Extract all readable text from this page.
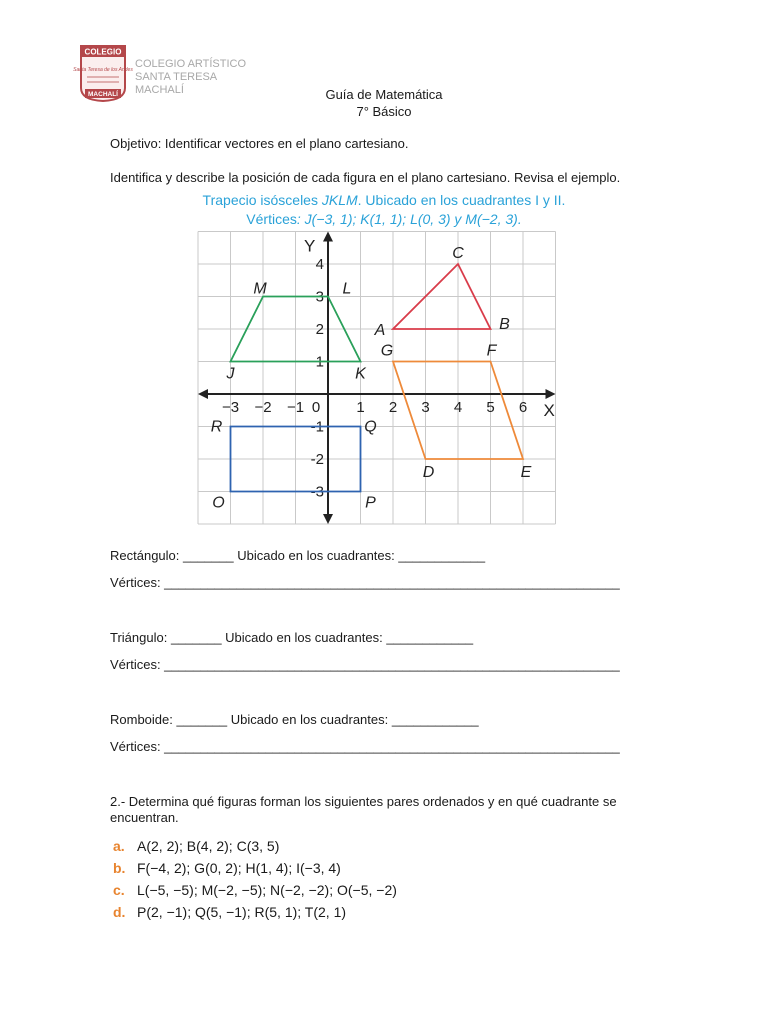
COLEGIO
Santa Teresa de los Andes
MACHALÍ
COLEGIO ARTÍSTICO
SANTA TERESA
MACHALÍ	Guía de Matemática
7° Básico
Objetivo: Identificar vectores en el plano cartesiano.
Identifica y describe la posición de cada figura en el plano cartesiano. Revisa el ejemplo.
Trapecio isósceles JKLM. Ubicado en los cuadrantes I y II.
Vértices: J(−3, 1); K(1, 1); L(0, 3) y M(−2, 3).
X
Y
−3 −2 −1 0 1 2 3 4 5 6
4
3
2
1
-1
-2
-3
J	K
L
M
A	B
C
R	Q
P
O
G	F
E
D
Rectángulo: _______ Ubicado en los cuadrantes: ____________
Vértices: _______________________________________________________________
Triángulo: _______ Ubicado en los cuadrantes: ____________
Vértices: _______________________________________________________________
Romboide: _______ Ubicado en los cuadrantes: ____________
Vértices: _______________________________________________________________
2.- Determina qué figuras forman los siguientes pares ordenados y en qué cuadrante se
encuentran.
a. A(2, 2); B(4, 2); C(3, 5)
b. F(−4, 2); G(0, 2); H(1, 4); I(−3, 4)
c. L(−5, −5); M(−2, −5); N(−2, −2); O(−5, −2)
d. P(2, −1); Q(5, −1); R(5, 1); T(2, 1)
